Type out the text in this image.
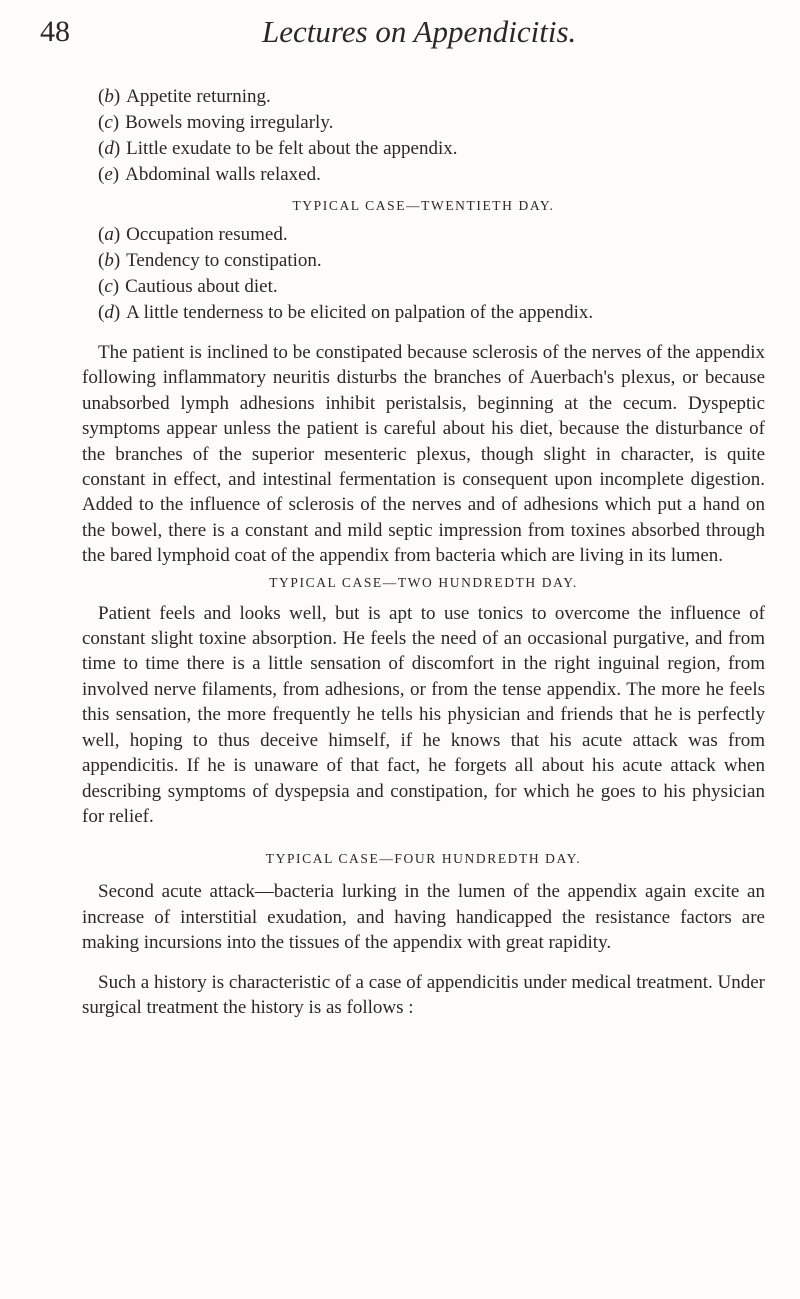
48	Lectures on Appendicitis.

(b) Appetite returning.

(c) Bowels moving irregularly.

(d) Little exudate to be felt about the appendix.

(e) Abdominal walls relaxed.

TYPICAL CASE—TWENTIETH DAY.

(a) Occupation resumed.

(b) Tendency to constipation.

(c) Cautious about diet.

(d) A little tenderness to be elicited on palpation of the appendix.

The patient is inclined to be constipated because sclerosis of the nerves of the appendix following inflammatory neuritis disturbs the branches of Auerbach's plexus, or because unabsorbed lymph adhesions inhibit peristalsis, beginning at the cecum. Dyspeptic symptoms appear unless the patient is careful about his diet, because the disturbance of the branches of the superior mesenteric plexus, though slight in character, is quite constant in effect, and intestinal fermentation is consequent upon incomplete digestion. Added to the influence of sclerosis of the nerves and of adhesions which put a hand on the bowel, there is a constant and mild septic impression from toxines absorbed through the bared lymphoid coat of the appendix from bacteria which are living in its lumen.

TYPICAL CASE—TWO HUNDREDTH DAY.

Patient feels and looks well, but is apt to use tonics to overcome the influence of constant slight toxine absorption. He feels the need of an occasional purgative, and from time to time there is a little sensation of discomfort in the right inguinal region, from involved nerve filaments, from adhesions, or from the tense appendix. The more he feels this sensation, the more frequently he tells his physician and friends that he is perfectly well, hoping to thus deceive himself, if he knows that his acute attack was from appendicitis. If he is unaware of that fact, he forgets all about his acute attack when describing symptoms of dyspepsia and constipation, for which he goes to his physician for relief.

TYPICAL CASE—FOUR HUNDREDTH DAY.

Second acute attack—bacteria lurking in the lumen of the appendix again excite an increase of interstitial exudation, and having handicapped the resistance factors are making incursions into the tissues of the appendix with great rapidity.

Such a history is characteristic of a case of appendicitis under medical treatment. Under surgical treatment the history is as follows :
